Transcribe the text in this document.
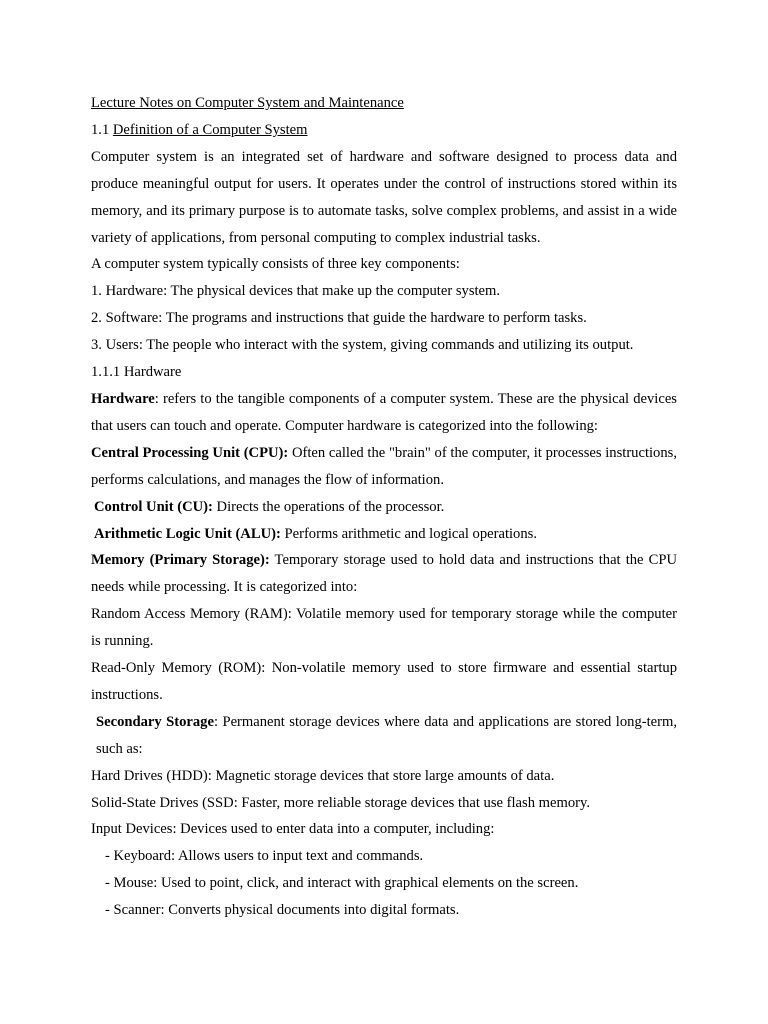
Lecture Notes on Computer System and Maintenance

1.1 Definition of a Computer System

Computer system is an integrated set of hardware and software designed to process data and produce meaningful output for users. It operates under the control of instructions stored within its memory, and its primary purpose is to automate tasks, solve complex problems, and assist in a wide variety of applications, from personal computing to complex industrial tasks.

A computer system typically consists of three key components:

1. Hardware: The physical devices that make up the computer system.

2. Software: The programs and instructions that guide the hardware to perform tasks.

3. Users: The people who interact with the system, giving commands and utilizing its output.

1.1.1 Hardware

Hardware: refers to the tangible components of a computer system. These are the physical devices that users can touch and operate. Computer hardware is categorized into the following:

Central Processing Unit (CPU): Often called the "brain" of the computer, it processes instructions, performs calculations, and manages the flow of information.

Control Unit (CU): Directs the operations of the processor.

Arithmetic Logic Unit (ALU): Performs arithmetic and logical operations.

Memory (Primary Storage): Temporary storage used to hold data and instructions that the CPU needs while processing. It is categorized into:

Random Access Memory (RAM): Volatile memory used for temporary storage while the computer is running.

Read-Only Memory (ROM): Non-volatile memory used to store firmware and essential startup instructions.

Secondary Storage: Permanent storage devices where data and applications are stored long-term, such as:

Hard Drives (HDD): Magnetic storage devices that store large amounts of data.

Solid-State Drives (SSD: Faster, more reliable storage devices that use flash memory.

Input Devices: Devices used to enter data into a computer, including:

- Keyboard: Allows users to input text and commands.

- Mouse: Used to point, click, and interact with graphical elements on the screen.

- Scanner: Converts physical documents into digital formats.
